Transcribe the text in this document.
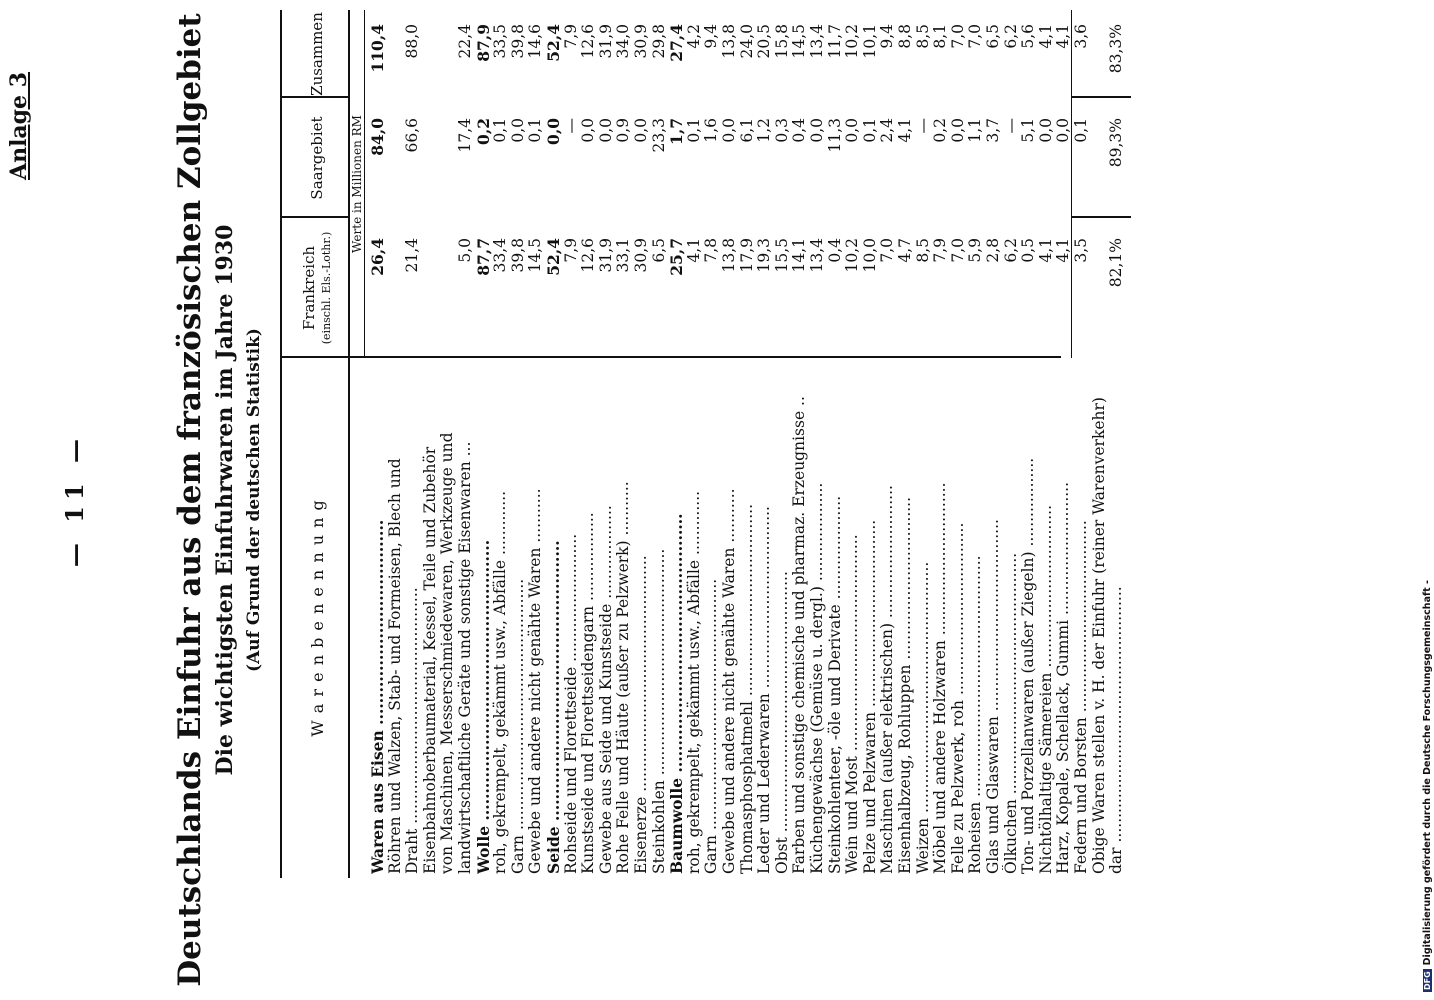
— 11 —
Anlage 3	Deutschlands Einfuhr aus dem französischen Zollgebiet Die wichtigsten Einfuhrwaren im Jahre 1930 (Auf Grund der deutschen Statistik)	W a r e n b e n e n n u n g
Frankreich (einschl. Els.-Lothr.)
Saargebiet
Zusammen
Werte in Millionen RM
Waren aus Eisen ......................................
26,4
84,0
110,4
Röhren und Walzen, Stab- und Formeisen, Blech und Draht ................................................
21,4
66,6
88,0
Eisenbahnoberbaumaterial, Kessel, Teile und Zubehör von Maschinen, Messerschmiedewaren, Werkzeuge und landwirtschaftliche Geräte und sonstige Eisenwaren ...
5,0
17,4
22,4
Wolle ....................................................
87,7
0,2
87,9
roh, gekrempelt, gekämmt usw., Abfälle .............
33,4
0,1
33,5
Garn ...................................................
39,8
0,0
39,8
Gewebe und andere nicht genähte Waren ...........
14,5
0,1
14,6
Seide ....................................................
52,4
0,0
52,4
Rohseide und Florettseide ..........................
7,9
—
7,9
Kunstseide und Florettseidengarn ..................
12,6
0,0
12,6
Gewebe aus Seide und Kunstseide ...................
31,9
0,0
31,9
Rohe Felle und Häute (außer zu Pelzwerk) ...........
33,1
0,9
34,0
Eisenerze ................................................
30,9
0,0
30,9
Steinkohlen ..............................................
6,5
23,3
29,8
Baumwolle ................................................
25,7
1,7
27,4
roh, gekrempelt, gekämmt usw., Abfälle .............
4,1
0,1
4,2
Garn ...................................................
7,8
1,6
9,4
Gewebe und andere nicht genähte Waren ...........
13,8
0,0
13,8
Thomasphosphatmehl .......................................
17,9
6,1
24,0
Leder und Lederwaren .....................................
19,3
1,2
20,5
Obst .....................................................
15,5
0,3
15,8
Farben und sonstige chemische und pharmaz. Erzeugnisse ..
14,1
0,4
14,5
Küchengewächse (Gemüse u. dergl.) ....................
13,4
0,0
13,4
Steinkohlenteer, -öle und Derivate .....................
0,4
11,3
11,7
Wein und Most ............................................
10,2
0,0
10,2
Pelze und Pelzwaren ......................................
10,0
0,1
10,1
Maschinen (außer elektrischen) ...........................
7,0
2,4
9,4
Eisenhalbzeug, Rohluppen .................................
4,7
4,1
8,8
Weizen ...................................................
8,5
—
8,5
Möbel und andere Holzwaren ...............................
7,9
0,2
8,1
Felle zu Pelzwerk, roh ...................................
7,0
0,0
7,0
Roheisen .................................................
5,9
1,1
7,0
Glas und Glaswaren .......................................
2,8
3,7
6,5
Ölkuchen .................................................
6,2
—
6,2
Ton- und Porzellanwaren (außer Ziegeln) ..................
0,5
5,1
5,6
Nichtölhaltige Sämereien .................................
4,1
0,0
4,1
Harz, Kopale, Schellack, Gummi ...........................
4,1
0,0
4,1
Federn und Borsten .......................................
3,5
0,1
3,6
Obige Waren stellen v. H. der Einfuhr (reiner Warenverkehr) dar ....................................................
82,1%
89,3%
83,3%
DFGDigitalisierung gefördert durch die Deutsche Forschungsgemeinschaft -
